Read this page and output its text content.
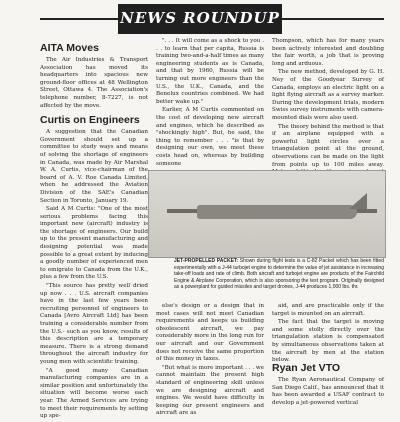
NEWS ROUNDUP
AITA Moves

The Air Industries & Transport Association has moved its headquarters into spacious new ground-floor offices at 48 Wellington Street, Ottawa 4. The Association's telephone number, 8-7227, is not affected by the move.

Curtis on Engineers

A suggestion that the Canadian Government should set up a committee to study ways and means of solving the shortage of engineers in Canada, was made by Air Marshal W. A. Curtis, vice-chairman of the board of A. V. Roe Canada Limited, when he addressed the Aviation Division of the SAE's Canadian Section in Toronto, January 19.

Said A M Curtis: "One of the most serious problems facing this important new (aircraft) industry is the shortage of engineers. Our build up to the present manufacturing and designing potential was made possible to a great extent by inducing a goodly number of experienced men to emigrate to Canada from the U.K., plus a few from the U.S.

"This source has pretty well dried up now . . . U.S. aircraft companies have in the last few years been recruiting personnel of engineers to Canada [Avro Aircraft Ltd] has been training a considerable number from the U.S.- such as you know, results of this description are a temporary measure. There is a strong demand throughout the aircraft industry for young men with scientific training.

"A good many Canadian manufacturing companies are in a similar position and unfortunately the situation will become worse each year. The Armed Services are trying to meet their requirements by setting up spe-

". . . It will come as a shock to you . . . to learn that per capita, Russia is training two-and-a-half times as many engineering students as is Canada, and that by 1960, Russia will be turning out more engineers than the U.S., the U.K., Canada, and the Benelux countries combined. We had better wake up."

Earlier, A M Curtis commented on the cost of developing new aircraft and engines, which he described as "shockingly high". But, he said, the thing to remember . . . "is that by designing our own, we meet these costs head on, whereas by building someone

Thompson, which has for many years been actively interested and doubling the fair worth, a job that is proving long and arduous.

The new method, developed by G. H. Ney of the Goodyear Survey of Canada, employs an electric light on a light flying aircraft as a survey marker. During the development trials, modern Swiss survey instruments with camera-mounted dials were also used.

The theory behind the method is that if an airplane equipped with a powerful light circles over a triangulation point at the ground, observations can be made on the light from points up to 100 miles away.

JET-PROPELLED PACKET: Shown during flight tests is a C-82 Packet which has been fitted experimentally with a J-44 turbojet engine to determine the value of jet assistance in increasing take-off loads and rate of climb. Both aircraft and turbojet engine are products of the Fairchild Engine & Airplane Corporation, which is also sponsoring the test program. Originally designed as a powerplant for guided missiles and target drones, J-44 produces 1,000 lbs. thr.

else's design or a design that in most cases will not meet Canadian requirements and keeps us building obsolescent aircraft, we pay considerably more in the long run for our aircraft and our Government does not receive the same proportion of this money in taxes.

"But what is more important . . . we cannot maintain the present high standard of engineering skill unless we are designing aircraft and engines. We would have difficulty in keeping our present engineers and aircraft are as

aid, and are practicable only if the target is mounted on an aircraft.

The fact that the target is moving and some stolly directly over the triangulation station is compensated by simultaneous observations taken at the aircraft by men at the station below.

Ryan Jet VTO

The Ryan Aeronautical Company of San Diego Calif., has announced that it has been awarded a USAF contract to develop a jet-powered vertical
